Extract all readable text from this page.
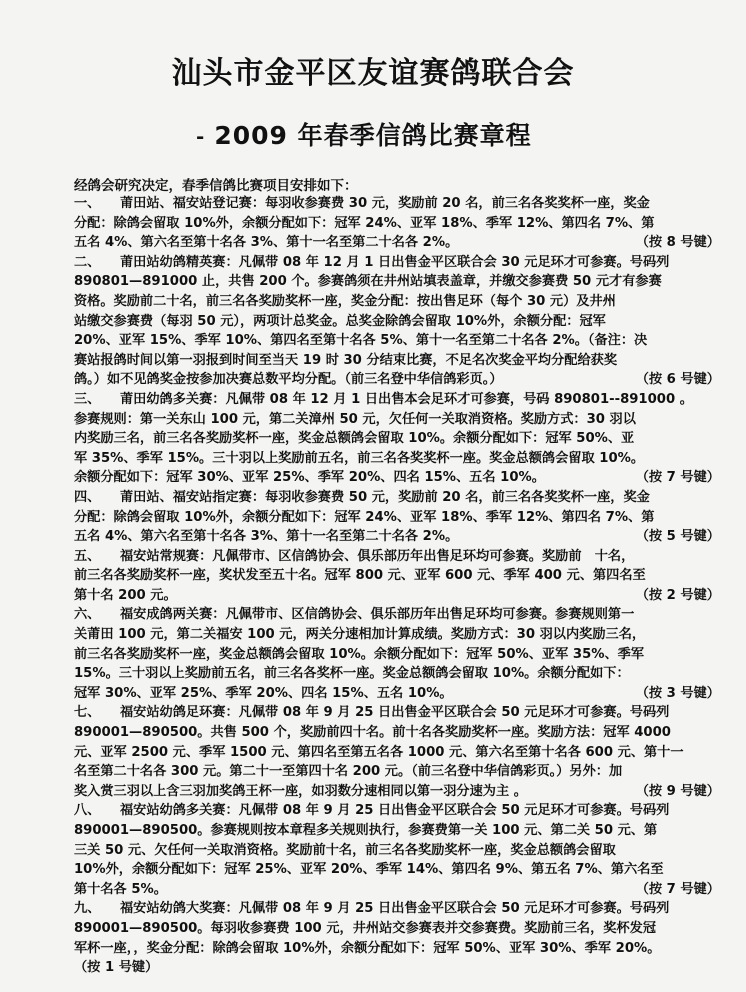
汕头市金平区友谊赛鸽联合会
- 2009 年春季信鸽比赛章程
经鸽会研究决定，春季信鸽比赛项目安排如下：
一、 莆田站、福安站登记赛：每羽收参赛费 30 元，奖励前 20 名，前三名各奖奖杯一座，奖金
分配：除鸽会留取 10%外，余额分配如下：冠军 24%、亚军 18%、季军 12%、第四名 7%、第
五名 4%、第六名至第十名各 3%、第十一名至第二十名各 2%。	（按 8 号键）
二、 莆田站幼鸽精英赛：凡佩带 08 年 12 月 1 日出售金平区联合会 30 元足环才可参赛。号码列
890801—891000 止，共售 200 个。参赛鸽须在井州站填表盖章，并缴交参赛费 50 元才有参赛
资格。奖励前二十名，前三名各奖励奖杯一座，奖金分配：按出售足环（每个 30 元）及井州
站缴交参赛费（每羽 50 元），两项计总奖金。总奖金除鸽会留取 10%外，余额分配：冠军
20%、亚军 15%、季军 10%、第四名至第十名各 5%、第十一名至第二十名各 2%。（备注：决
赛站报鸽时间以第一羽报到时间至当天 19 时 30 分结束比赛，不足名次奖金平均分配给获奖
鸽。）如不见鸽奖金按参加决赛总数平均分配。（前三名登中华信鸽彩页。）	（按 6 号键）
三、 莆田幼鸽多关赛：凡佩带 08 年 12 月 1 日出售本会足环才可参赛，号码 890801--891000 。
参赛规则：第一关东山 100 元，第二关漳州 50 元，欠任何一关取消资格。奖励方式：30 羽以
内奖励三名，前三名各奖励奖杯一座，奖金总额鸽会留取 10%。余额分配如下：冠军 50%、亚
军 35%、季军 15%。三十羽以上奖励前五名，前三名各奖奖杯一座。奖金总额鸽会留取 10%。
余额分配如下：冠军 30%、亚军 25%、季军 20%、四名 15%、五名 10%。	（按 7 号键）
四、 莆田站、福安站指定赛：每羽收参赛费 50 元，奖励前 20 名，前三名各奖奖杯一座，奖金
分配：除鸽会留取 10%外，余额分配如下：冠军 24%、亚军 18%、季军 12%、第四名 7%、第
五名 4%、第六名至第十名各 3%、第十一名至第二十名各 2%。	（按 5 号键）
五、 福安站常规赛：凡佩带市、区信鸽协会、俱乐部历年出售足环均可参赛。奖励前　十名，
前三名各奖励奖杯一座，奖状发至五十名。冠军 800 元、亚军 600 元、季军 400 元、第四名至
第十名 200 元。	（按 2 号键）
六、 福安成鸽两关赛：凡佩带市、区信鸽协会、俱乐部历年出售足环均可参赛。参赛规则第一
关莆田 100 元，第二关福安 100 元，两关分速相加计算成绩。奖励方式：30 羽以内奖励三名，
前三名各奖励奖杯一座，奖金总额鸽会留取 10%。余额分配如下：冠军 50%、亚军 35%、季军
15%。三十羽以上奖励前五名，前三名各奖杯一座。奖金总额鸽会留取 10%。余额分配如下：
冠军 30%、亚军 25%、季军 20%、四名 15%、五名 10%。	（按 3 号键）
七、 福安站幼鸽足环赛：凡佩带 08 年 9 月 25 日出售金平区联合会 50 元足环才可参赛。号码列
890001—890500。共售 500 个，奖励前四十名。前十名各奖励奖杯一座。奖励方法：冠军 4000
元、亚军 2500 元、季军 1500 元、第四名至第五名各 1000 元、第六名至第十名各 600 元、第十一
名至第二十名各 300 元。第二十一至第四十名 200 元。（前三名登中华信鸽彩页。）另外：加
奖入赏三羽以上含三羽加奖鸽王杯一座，如羽数分速相同以第一羽分速为主 。	（按 9 号键）
八、 福安站幼鸽多关赛：凡佩带 08 年 9 月 25 日出售金平区联合会 50 元足环才可参赛。号码列
890001—890500。参赛规则按本章程多关规则执行，参赛费第一关 100 元、第二关 50 元、第
三关 50 元、欠任何一关取消资格。奖励前十名，前三名各奖励奖杯一座，奖金总额鸽会留取
10%外，余额分配如下：冠军 25%、亚军 20%、季军 14%、第四名 9%、第五名 7%、第六名至
第十名各 5%。	（按 7 号键）
九、 福安站幼鸽大奖赛：凡佩带 08 年 9 月 25 日出售金平区联合会 50 元足环才可参赛。号码列
890001—890500。每羽收参赛费 100 元，井州站交参赛表并交参赛费。奖励前三名，奖杯发冠
军杯一座，，奖金分配：除鸽会留取 10%外，余额分配如下：冠军 50%、亚军 30%、季军 20%。
（按 1 号键）
